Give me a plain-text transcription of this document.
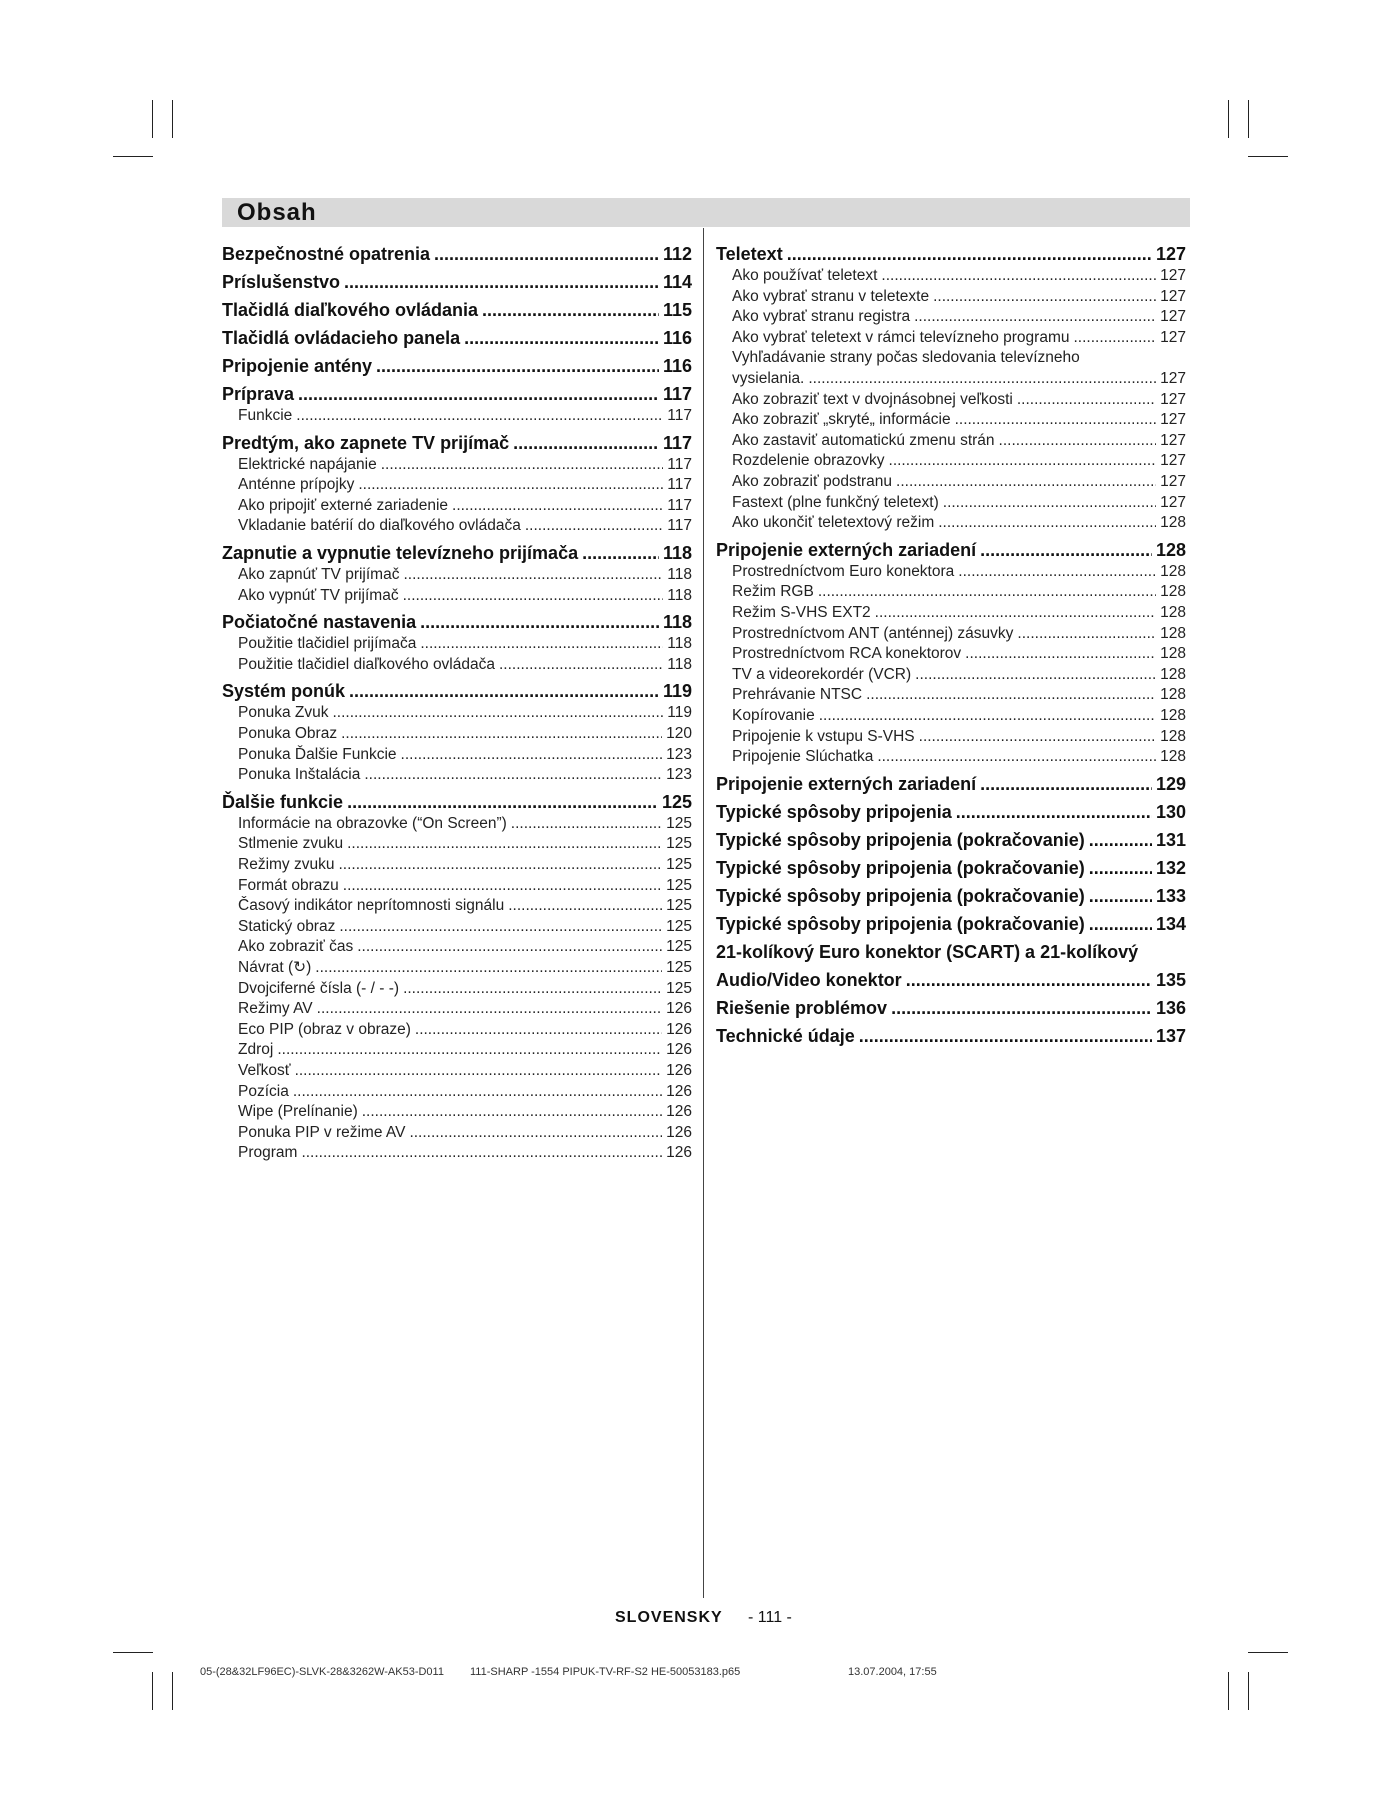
Obsah
Bezpečnostné opatrenia .....	112
Príslušenstvo .....	114
Tlačidlá diaľkového ovládania .....	115
Tlačidlá ovládacieho panela .....	116
Pripojenie antény .....	116
Príprava .....	117
Funkcie .....	117
Predtým, ako zapnete TV prijímač .....	117
Elektrické napájanie .....	117
Anténne prípojky .....	117
Ako pripojiť externé zariadenie .....	117
Vkladanie batérií do diaľkového ovládača .....	117
Zapnutie a vypnutie televízneho prijímača .....	118
Ako zapnúť TV prijímač .....	118
Ako vypnúť TV prijímač .....	118
Počiatočné nastavenia .....	118
Použitie tlačidiel prijímača .....	118
Použitie tlačidiel diaľkového ovládača .....	118
Systém ponúk .....	119
Ponuka Zvuk .....	119
Ponuka Obraz .....	120
Ponuka Ďalšie Funkcie .....	123
Ponuka Inštalácia .....	123
Ďalšie funkcie .....	125
Informácie na obrazovke (“On Screen”) .....	125
Stlmenie zvuku .....	125
Režimy zvuku .....	125
Formát obrazu .....	125
Časový indikátor neprítomnosti signálu .....	125
Statický obraz .....	125
Ako zobraziť čas .....	125
Návrat (↻) .....	125
Dvojciferné čísla (- / - -) .....	125
Režimy AV .....	126
Eco PIP (obraz v obraze) .....	126
Zdroj .....	126
Veľkosť .....	126
Pozícia .....	126
Wipe (Prelínanie) .....	126
Ponuka PIP v režime AV .....	126
Program .....	126
Teletext .....	127
Ako používať teletext .....	127
Ako vybrať stranu v teletexte .....	127
Ako vybrať stranu registra .....	127
Ako vybrať teletext v rámci televízneho programu .....	127
Vyhľadávanie strany počas sledovania televízneho
vysielania. .....	127
Ako zobraziť text v dvojnásobnej veľkosti .....	127
Ako zobraziť „skryté„ informácie .....	127
Ako zastaviť automatickú zmenu strán .....	127
Rozdelenie obrazovky .....	127
Ako zobraziť podstranu .....	127
Fastext (plne funkčný teletext) .....	127
Ako ukončiť teletextový režim .....	128
Pripojenie externých zariadení .....	128
Prostredníctvom Euro konektora .....	128
Režim RGB .....	128
Režim S-VHS EXT2 .....	128
Prostredníctvom ANT (anténnej) zásuvky .....	128
Prostredníctvom RCA konektorov .....	128
TV a videorekordér (VCR) .....	128
Prehrávanie NTSC .....	128
Kopírovanie .....	128
Pripojenie k vstupu S-VHS .....	128
Pripojenie Slúchatka .....	128
Pripojenie externých zariadení .....	129
Typické spôsoby pripojenia .....	130
Typické spôsoby pripojenia (pokračovanie) .....	131
Typické spôsoby pripojenia (pokračovanie) .....	132
Typické spôsoby pripojenia (pokračovanie) .....	133
Typické spôsoby pripojenia (pokračovanie) .....	134
21-kolíkový Euro konektor (SCART) a 21-kolíkový
Audio/Video konektor .....	135
Riešenie problémov .....	136
Technické údaje .....	137
SLOVENSKY - 111 -
05-(28&32LF96EC)-SLVK-28&3262W-AK53-D011 111-SHARP -1554 PIPUK-TV-RF-S2 HE-50053183.p65	13.07.2004, 17:55
